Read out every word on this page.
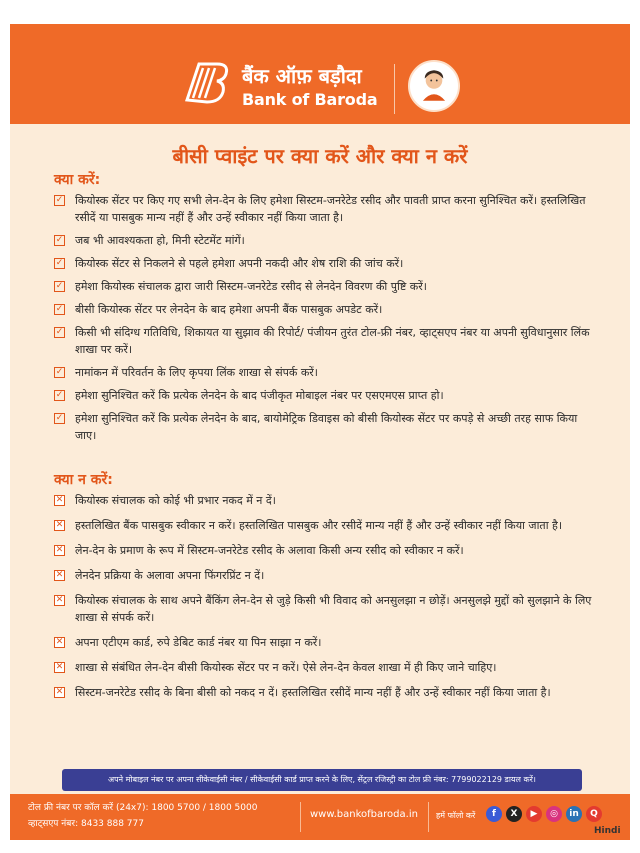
बैंक ऑफ़ बड़ौदा
Bank of Baroda
बीसी प्वाइंट पर क्या करें और क्या न करें
क्या करें:
✓ कियोस्क सेंटर पर किए गए सभी लेन-देन के लिए हमेशा सिस्टम-जनरेटेड रसीद और पावती प्राप्त करना सुनिश्चित करें। हस्तलिखित रसीदें या पासबुक मान्य नहीं हैं और उन्हें स्वीकार नहीं किया जाता है।
✓ जब भी आवश्यकता हो, मिनी स्टेटमेंट मांगें।
✓ कियोस्क सेंटर से निकलने से पहले हमेशा अपनी नकदी और शेष राशि की जांच करें।
✓ हमेशा कियोस्क संचालक द्वारा जारी सिस्टम-जनरेटेड रसीद से लेनदेन विवरण की पुष्टि करें।
✓ बीसी कियोस्क सेंटर पर लेनदेन के बाद हमेशा अपनी बैंक पासबुक अपडेट करें।
✓ किसी भी संदिग्ध गतिविधि, शिकायत या सुझाव की रिपोर्ट/ पंजीयन तुरंत टोल-फ्री नंबर, व्हाट्सएप नंबर या अपनी सुविधानुसार लिंक शाखा पर करें।
✓ नामांकन में परिवर्तन के लिए कृपया लिंक शाखा से संपर्क करें।
✓ हमेशा सुनिश्चित करें कि प्रत्येक लेनदेन के बाद पंजीकृत मोबाइल नंबर पर एसएमएस प्राप्त हो।
✓ हमेशा सुनिश्चित करें कि प्रत्येक लेनदेन के बाद, बायोमेट्रिक डिवाइस को बीसी कियोस्क सेंटर पर कपड़े से अच्छी तरह साफ किया जाए।
क्या न करें:
✕ कियोस्क संचालक को कोई भी प्रभार नकद में न दें।
✕ हस्तलिखित बैंक पासबुक स्वीकार न करें। हस्तलिखित पासबुक और रसीदें मान्य नहीं हैं और उन्हें स्वीकार नहीं किया जाता है।
✕ लेन-देन के प्रमाण के रूप में सिस्टम-जनरेटेड रसीद के अलावा किसी अन्य रसीद को स्वीकार न करें।
✕ लेनदेन प्रक्रिया के अलावा अपना फिंगरप्रिंट न दें।
✕ कियोस्क संचालक के साथ अपने बैंकिंग लेन-देन से जुड़े किसी भी विवाद को अनसुलझा न छोड़ें। अनसुलझे मुद्दों को सुलझाने के लिए शाखा से संपर्क करें।
✕ अपना एटीएम कार्ड, रुपे डेबिट कार्ड नंबर या पिन साझा न करें।
✕ शाखा से संबंधित लेन-देन बीसी कियोस्क सेंटर पर न करें। ऐसे लेन-देन केवल शाखा में ही किए जाने चाहिए।
✕ सिस्टम-जनरेटेड रसीद के बिना बीसी को नकद न दें। हस्तलिखित रसीदें मान्य नहीं हैं और उन्हें स्वीकार नहीं किया जाता है।
अपने मोबाइल नंबर पर अपना सीकेवाईसी नंबर / सीकेवाईसी कार्ड प्राप्त करने के लिए, सेंट्रल रजिस्ट्री का टोल फ्री नंबर: 7799022129 डायल करें।
टोल फ्री नंबर पर कॉल करें (24x7): 1800 5700 / 1800 5000
व्हाट्सएप नंबर: 8433 888 777
www.bankofbaroda.in हमें फॉलो करें	f	X	▶	◎	in	Q
Hindi
